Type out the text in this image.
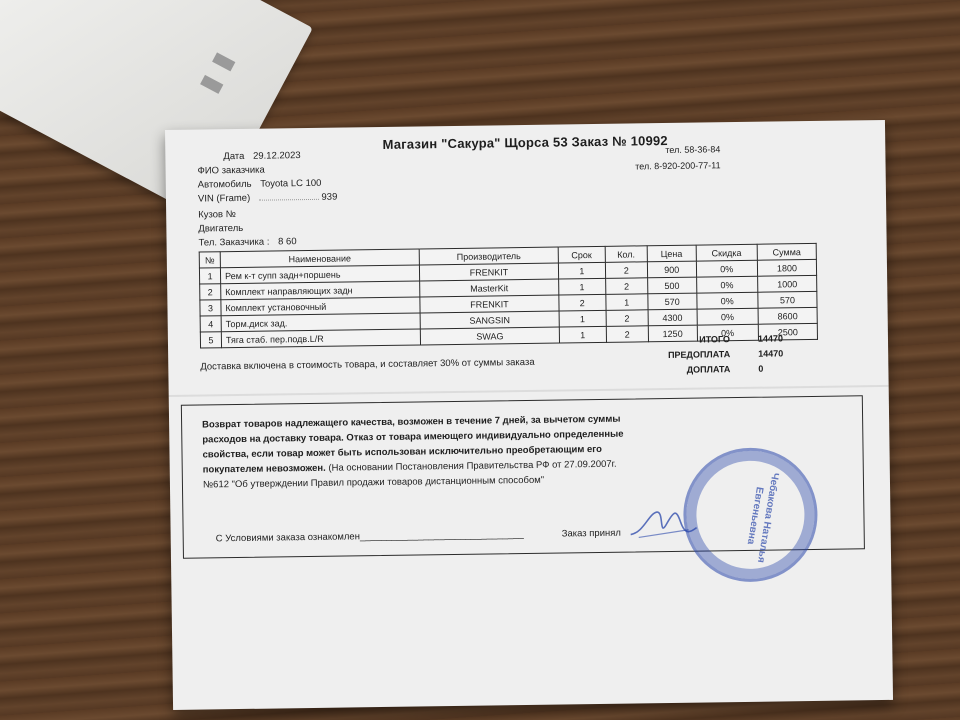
▮ ▮
Магазин "Сакура" Щорса 53 Заказ № 10992
тел. 58-36-84
тел. 8-920-200-77-11
Дата 29.12.2023
ФИО заказчика
Автомобиль Toyota LC 100
VIN (Frame)	939
Кузов №
Двигатель
Тел. Заказчика : 8 60
№	Наименование	Производитель	Срок	Кол.	Цена	Скидка	Сумма
1	Рем к-т супп задн+поршень	FRENKIT	1	2	900	0%	1800
2	Комплект направляющих задн	MasterKit	1	2	500	0%	1000
3	Комплект установочный	FRENKIT	2	1	570	0%	570
4	Торм.диск зад.	SANGSIN	1	2	4300	0%	8600
5	Тяга стаб. пер.подв.L/R	SWAG	1	2	1250	0%	2500
ИТОГО	14470
ПРЕДОПЛАТА	14470
ДОПЛАТА	0
Доставка включена в стоимость товара, и составляет 30% от суммы заказа
Возврат товаров надлежащего качества, возможен в течение 7 дней, за вычетом суммы расходов на доставку товара. Отказ от товара имеющего индивидуально определенные свойства, если товар может быть использован исключительно преобретающим его покупателем невозможен. (На основании Постановления Правительства РФ от 27.09.2007г. №612 "Об утверждении Правил продажи товаров дистанционным способом"
С Условиями заказа ознакомлен_______________________________	Заказ принял	Чебакова Наталья Евгеньевна
